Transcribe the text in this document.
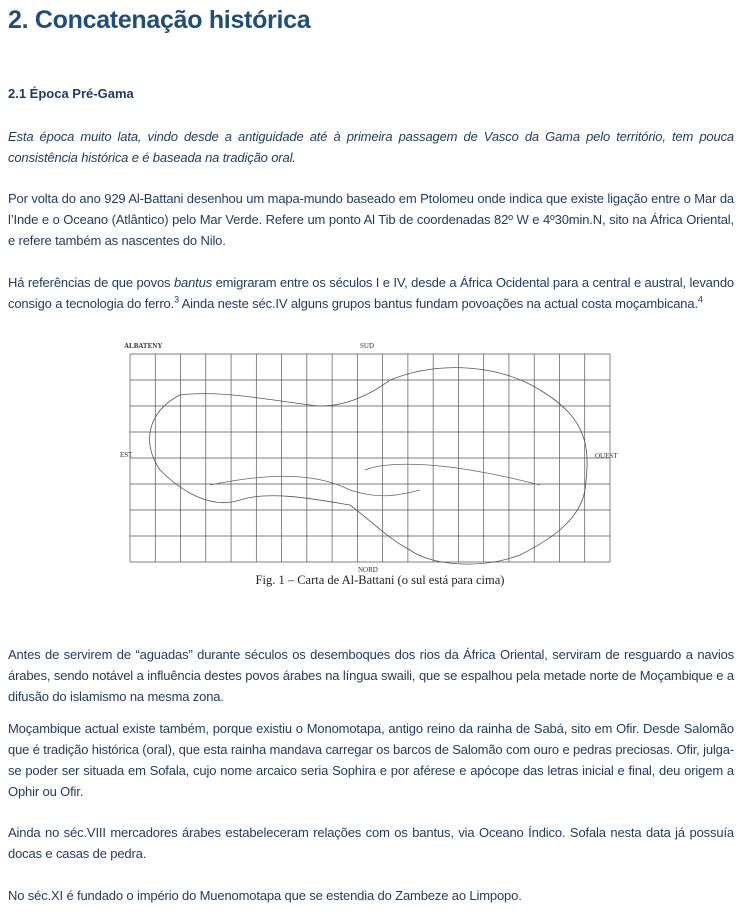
2. Concatenação histórica
2.1 Época Pré-Gama
Esta época muito lata, vindo desde a antiguidade até à primeira passagem de Vasco da Gama pelo território, tem pouca consistência histórica e é baseada na tradição oral.
Por volta do ano 929 Al-Battani desenhou um mapa-mundo baseado em Ptolomeu onde indica que existe ligação entre o Mar da l’Inde e o Oceano (Atlântico) pelo Mar Verde. Refere um ponto Al Tib de coordenadas 82º W e 4º30min.N, sito na África Oriental, e refere também as nascentes do Nilo.
Há referências de que povos bantus emigraram entre os séculos I e IV, desde a África Ocidental para a central e austral, levando consigo a tecnologia do ferro.$^3$ Ainda neste séc.IV alguns grupos bantus fundam povoações na actual costa moçambicana.$^4$
ALBATENY	SUD
NORD
EST	OUEST
Fig. 1 – Carta de Al-Battani (o sul está para cima)
Antes de servirem de “aguadas” durante séculos os desemboques dos rios da África Oriental, serviram de resguardo a navios árabes, sendo notável a influência destes povos árabes na língua swaili, que se espalhou pela metade norte de Moçambique e a difusão do islamismo na mesma zona.
Moçambique actual existe também, porque existiu o Monomotapa, antigo reino da rainha de Sabá, sito em Ofir. Desde Salomão que é tradição histórica (oral), que esta rainha mandava carregar os barcos de Salomão com ouro e pedras preciosas. Ofir, julga-se poder ser situada em Sofala, cujo nome arcaico seria Sophira e por aférese e apócope das letras inicial e final, deu origem a Ophir ou Ofir.
Ainda no séc.VIII mercadores árabes estabeleceram relações com os bantus, via Oceano Índico. Sofala nesta data já possuía docas e casas de pedra.
No séc.XI é fundado o império do Muenomotapa que se estendia do Zambeze ao Limpopo.
